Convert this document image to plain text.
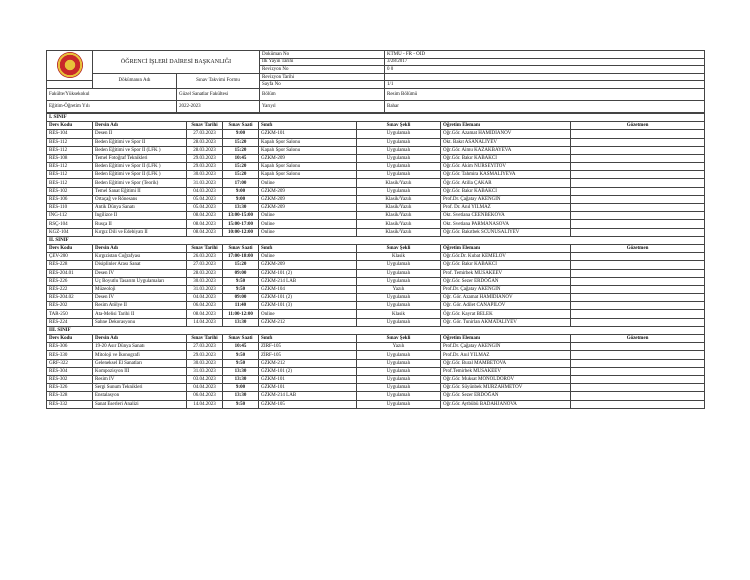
	ÖĞRENCİ İŞLERİ DAİRESİ BAŞKANLIĞI		Doküman No	KTMÜ - FR - ÖİD
			İlk Yayın Tarihi	3/28/2017
			Revizyon No	0 0
	Dökümanın Adı	Sınav Takvimi Formu	Revizyon Tarihi	
			Sayfa No	1/1
Fakülte/Yüksekokul		Güzel Sanatlar Fakültesi	Bölüm	Resim Bölümü
Eğitim-Öğretim Yılı		2022-2023	Yarıyıl	Bahar
I. SINIF							
Ders Kodu	Dersin Adı	Sınav Tarihi	Sınav Saati	Sınıfı	Sınav Şekli	Öğretim Elemanı	Gözetmen
RES-104	Desen II	27.03.2023	9:00	GZKM-101	Uygulamalı	Öğr.Gör. Azamat HAMİDİANOV	
BES-112	Beden Eğitimi ve Spor II	28.03.2023	15:20	Kapalı Spor Salonu	Uygulamalı	Okt. Bakıt ASANALİYEV	
BES-112	Beden Eğitimi ve Spor II (LFK )	28.03.2023	15:20	Kapalı Spor Salonu	Uygulamalı	Öğr.Gör. Aimu KAZAKBAYEVA	
RES-108	Temel Fotoğraf Teknikleri	29.03.2023	10:45	GZKM-209	Uygulamalı	Öğr.Gör. Bakır KABAKCI	
BES-112	Beden Eğitimi ve Spor II (LFK )	29.03.2023	15:20	Kapalı Spor Salonu	Uygulamalı	Öğr.Gör. Akim NURSEYİTOV	
BES-112	Beden Eğitimi ve Spor II (LFK )	30.03.2023	15:20	Kapalı Spor Salonu	Uygulamalı	Öğr.Gör. Tahmira KASMALİYEVA	
BES-112	Beden Eğitimi ve Spor (Teorik)	31.03.2023	17:00	Online	Klasik/Yazılı	Öğr.Gör. Atilla ÇAKAR	
RES-102	Temel Sanat Eğitimi II	04.03.2023	9:00	GZKM-209	Uygulamalı	Öğr.Gör. Bakır KABAKCI	
RES-106	Ortaçağ ve Rönesans	05.04.2023	9:00	GZKM-209	Klasik/Yazılı	Prof.Dr. Çağatay AKENGİN	
RES-110	Antik Dünya Sanatı	05.04.2023	13:30	GZKM-209	Klasik/Yazılı	Prof. Dr. Anıl YILMAZ	
İNG-112	İngilizce II	08.04.2023	13:00-15:00	Online	Klasik/Yazılı	Okt. Svetlana CEENBEKOVA	
RSÇ-104	Rusça II	08.04.2023	15:00-17:00	Online	Klasik/Yazılı	Okt. Svetlana PARMANASOVA	
KGZ-104	Kırgız Dili ve Edebiyatı II	08.04.2023	10:00-12:00	Online	Klasik/Yazılı	Öğr.Gör. Bakıtbek SCUNUSALİYEV	
II. SINIF							
Ders Kodu	Dersin Adı	Sınav Tarihi	Sınav Saati	Sınıfı	Sınav Şekli	Öğretim Elemanı	Gözetmen
ÇEV-200	Kırgızistan Coğrafyası	26.03.2023	17:00-18:00	Online	Klasik	Öğr.Gör.Dr. Kubat KEMELOV	
RES-228	Disiplinler Arası Sanat	27.03.2023	15:20	GZKM-209	Uygulamalı	Öğr.Gör. Bakır KABAKCI	
RES-204.01	Desen IV	28.03.2023	09:00	GZKM-101 (2)	Uygulamalı	Prof. Temirbek MUSAKEEV	
RES-226	Üç Boyutlu Tasarım Uygulamaları	30.03.2023	9:50	GZKM-214 LAB	Uygulamalı	Öğr.Gör. Sezer ERDOĞAN	
RES-222	Müzeoloji	31.03.2023	9:50	GZKM-104	Yazılı	Prof.Dr. Çağatay AKENGİN	
RES-204.02	Desen IV	04.04.2023	09:00	GZKM-101 (2)	Uygulamalı	Öğr. Gör. Azamat HAMİDİANOV	
RES-202	Resim Atölye II	06.04.2023	11:40	GZKM-101 (3)	Uygulamalı	Öğr. Gör. Adilet CANAPİLOV	
TAR-250	Ata-Melisi Tarihi II	08.04.2023	11:00-12:00	Online	Klasik	Öğr.Gör. Kayrat BELEK	
RES-224	Sahne Dekorasyonu	14.04.2023	13:30	GZKM-212	Uygulamalı	Öğr. Gör. Tunirlan AKMATALİYEV	
III. SINIF							
Ders Kodu	Dersin Adı	Sınav Tarihi	Sınav Saati	Sınıfı	Sınav Şekli	Öğretim Elemanı	Gözetmen
RES-306	19-20 Asır Dünya Sanatı	27.03.2023	10:45	ZİRF-105	Yazılı	Prof.Dr. Çağatay AKENGİN	
RES-330	Mitoloji ve İkonografi	29.03.2023	9:50	ZİRF-105	Uygulamalı	Prof.Dr. Anıl YILMAZ	
GRF-322	Geleneksel El Sanatları	30.03.2023	9:50	GZKM-212	Uygulamalı	Öğr.Gör. Bural MAMBETOVA	
RES-304	Kompozisyon III	31.03.2023	13:30	GZKM-101 (2)	Uygulamalı	Prof.Temirbek MUSAKEEV	
RES-302	Resim IV	03.04.2023	13:30	GZKM-101	Uygulamalı	Öğr.Gör. Muksat MONOLDOROV	
RES-326	Sergi Sunum Teknikleri	04.04.2023	9:00	GZKM-101	Uygulamalı	Öğr.Gör. Süyünbek MURZAHMETOV	
RES-328	Enstalasyon	06.04.2023	13:30	GZKM-214 LAB	Uygulamalı	Öğr.Gör. Sezer ERDOĞAN	
RES-332	Sanat Eserleri Analizi	14.04.2023	9:50	GZKM-105	Uygulamalı	Öğr.Gör. Aytbübü BADAHJANOVA	
